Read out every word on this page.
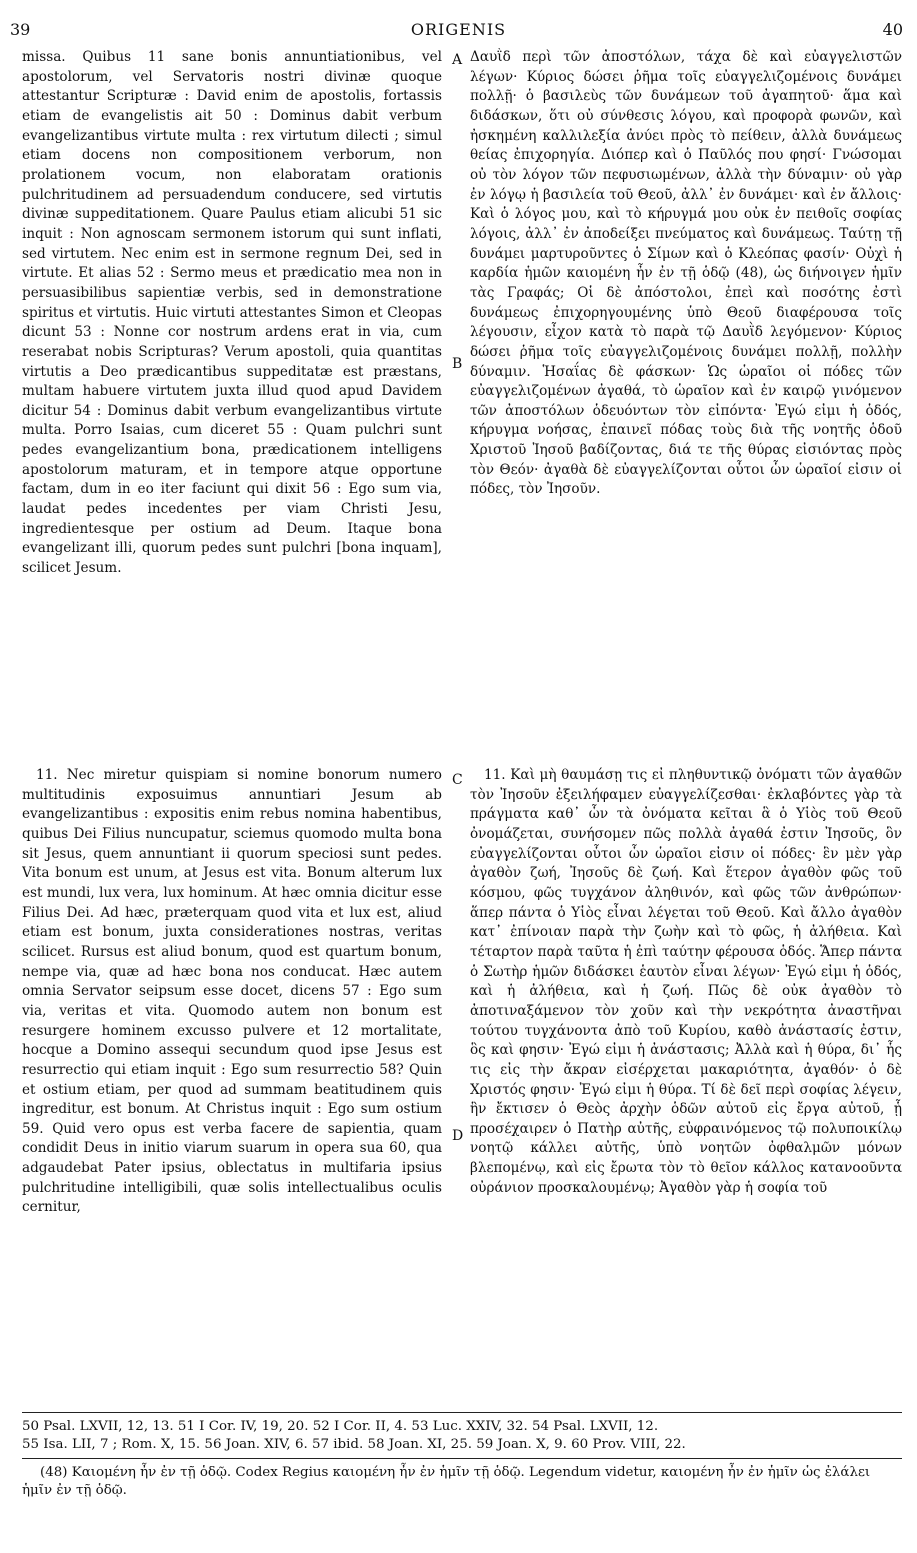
39	ORIGENIS	40

missa. Quibus 11 sane bonis annuntiationibus, vel apostolorum, vel Servatoris nostri divinæ quoque attestantur Scripturæ : David enim de apostolis, fortassis etiam de evangelistis ait 50 : Dominus dabit verbum evangelizantibus virtute multa : rex virtutum dilecti ; simul etiam docens non compositionem verborum, non prolationem vocum, non elaboratam orationis pulchritudinem ad persuadendum conducere, sed virtutis divinæ suppeditationem. Quare Paulus etiam alicubi 51 sic inquit : Non agnoscam sermonem istorum qui sunt inflati, sed virtutem. Nec enim est in sermone regnum Dei, sed in virtute. Et alias 52 : Sermo meus et prædicatio mea non in persuasibilibus sapientiæ verbis, sed in demonstratione spiritus et virtutis. Huic virtuti attestantes Simon et Cleopas dicunt 53 : Nonne cor nostrum ardens erat in via, cum reserabat nobis Scripturas? Verum apostoli, quia quantitas virtutis a Deo prædicantibus suppeditatæ est præstans, multam habuere virtutem juxta illud quod apud Davidem dicitur 54 : Dominus dabit verbum evangelizantibus virtute multa. Porro Isaias, cum diceret 55 : Quam pulchri sunt pedes evangelizantium bona, prædicationem intelligens apostolorum maturam, et in tempore atque opportune factam, dum in eo iter faciunt qui dixit 56 : Ego sum via, laudat pedes incedentes per viam Christi Jesu, ingredientesque per ostium ad Deum. Itaque bona evangelizant illi, quorum pedes sunt pulchri [bona inquam], scilicet Jesum.

A Δαυῒδ περὶ τῶν ἀποστόλων, τάχα δὲ καὶ εὐαγγελιστῶν λέγων· Κύριος δώσει ῥῆμα τοῖς εὐαγγελιζομένοις δυνάμει πολλῇ· ὁ βασιλεὺς τῶν δυνάμεων τοῦ ἀγαπητοῦ· ἅμα καὶ διδάσκων, ὅτι οὐ σύνθεσις λόγου, καὶ προφορὰ φωνῶν, καὶ ἠσκημένη καλλιλεξία ἀνύει πρὸς τὸ πείθειν, ἀλλὰ δυνάμεως θείας ἐπιχορηγία. Διόπερ καὶ ὁ Παῦλός που φησί· Γνώσομαι οὐ τὸν λόγον τῶν πεφυσιωμένων, ἀλλὰ τὴν δύναμιν· οὐ γὰρ ἐν λόγῳ ἡ βασιλεία τοῦ Θεοῦ, ἀλλ᾽ ἐν δυνάμει· καὶ ἐν ἄλλοις· Καὶ ὁ λόγος μου, καὶ τὸ κήρυγμά μου οὐκ ἐν πειθοῖς σοφίας λόγοις, ἀλλ᾽ ἐν ἀποδείξει πνεύματος καὶ δυνάμεως. Ταύτῃ τῇ δυνάμει μαρτυροῦντες ὁ Σίμων καὶ ὁ Κλεόπας φασίν· Οὐχὶ ἡ καρδία ἡμῶν καιομένη ἦν ἐν τῇ ὁδῷ (48), ὡς διήνοιγεν ἡμῖν τὰς Γραφάς; Οἱ δὲ ἀπόστολοι, ἐπεὶ καὶ ποσότης ἐστὶ δυνάμεως ἐπιχορηγουμένης ὑπὸ Θεοῦ διαφέρουσα τοῖς λέγουσιν, εἶχον κατὰ τὸ παρὰ τῷ Δαυῒδ λεγόμενον· Κύριος δώσει ῥῆμα τοῖς εὐαγγελιζομένοις δυνάμει πολλῇ, πολλὴν δύναμιν. Ἡσαΐας δὲ φάσκων· Ὡς ὡραῖοι οἱ πόδες τῶν εὐαγγελιζομένων ἀγαθά, τὸ ὡραῖον καὶ ἐν καιρῷ γινόμενον τῶν ἀποστόλων ὁδευόντων τὸν εἰπόντα· Ἐγώ εἰμι ἡ ὁδός, κήρυγμα νοήσας, ἐπαινεῖ πόδας τοὺς διὰ τῆς νοητῆς ὁδοῦ Χριστοῦ Ἰησοῦ βαδίζοντας, διά τε τῆς θύρας εἰσιόντας πρὸς τὸν Θεόν· ἀγαθὰ δὲ εὐαγγελίζονται οὗτοι ὧν ὡραῖοί εἰσιν οἱ πόδες, τὸν Ἰησοῦν.

B
C

11. Nec miretur quispiam si nomine bonorum numero multitudinis exposuimus annuntiari Jesum ab evangelizantibus : expositis enim rebus nomina habentibus, quibus Dei Filius nuncupatur, sciemus quomodo multa bona sit Jesus, quem annuntiant ii quorum speciosi sunt pedes. Vita bonum est unum, at Jesus est vita. Bonum alterum lux est mundi, lux vera, lux hominum. At hæc omnia dicitur esse Filius Dei. Ad hæc, præterquam quod vita et lux est, aliud etiam est bonum, juxta considerationes nostras, veritas scilicet. Rursus est aliud bonum, quod est quartum bonum, nempe via, quæ ad hæc bona nos conducat. Hæc autem omnia Servator seipsum esse docet, dicens 57 : Ego sum via, veritas et vita. Quomodo autem non bonum est resurgere hominem excusso pulvere et 12 mortalitate, hocque a Domino assequi secundum quod ipse Jesus est resurrectio qui etiam inquit : Ego sum resurrectio 58? Quin et ostium etiam, per quod ad summam beatitudinem quis ingreditur, est bonum. At Christus inquit : Ego sum ostium 59. Quid vero opus est verba facere de sapientia, quam condidit Deus in initio viarum suarum in opera sua 60, qua adgaudebat Pater ipsius, oblectatus in multifaria ipsius pulchritudine intelligibili, quæ solis intellectualibus oculis cernitur,

D

11. Καὶ μὴ θαυμάσῃ τις εἰ πληθυντικῷ ὀνόματι τῶν ἀγαθῶν τὸν Ἰησοῦν ἐξειλήφαμεν εὐαγγελίζεσθαι· ἐκλαβόντες γὰρ τὰ πράγματα καθ᾽ ὧν τὰ ὀνόματα κεῖται ἃ ὁ Υἱὸς τοῦ Θεοῦ ὀνομάζεται, συνήσομεν πῶς πολλὰ ἀγαθά ἐστιν Ἰησοῦς, ὃν εὐαγγελίζονται οὗτοι ὧν ὡραῖοι εἰσιν οἱ πόδες· ἓν μὲν γὰρ ἀγαθὸν ζωή, Ἰησοῦς δὲ ζωή. Καὶ ἕτερον ἀγαθὸν φῶς τοῦ κόσμου, φῶς τυγχάνον ἀληθινόν, καὶ φῶς τῶν ἀνθρώπων· ἅπερ πάντα ὁ Υἱὸς εἶναι λέγεται τοῦ Θεοῦ. Καὶ ἄλλο ἀγαθὸν κατ᾽ ἐπίνοιαν παρὰ τὴν ζωὴν καὶ τὸ φῶς, ἡ ἀλήθεια. Καὶ τέταρτον παρὰ ταῦτα ἡ ἐπὶ ταύτην φέρουσα ὁδός. Ἅπερ πάντα ὁ Σωτὴρ ἡμῶν διδάσκει ἑαυτὸν εἶναι λέγων· Ἐγώ εἰμι ἡ ὁδός, καὶ ἡ ἀλήθεια, καὶ ἡ ζωή. Πῶς δὲ οὐκ ἀγαθὸν τὸ ἀποτιναξάμενον τὸν χοῦν καὶ τὴν νεκρότητα ἀναστῆναι τούτου τυγχάνοντα ἀπὸ τοῦ Κυρίου, καθὸ ἀνάστασίς ἐστιν, ὃς καὶ φησιν· Ἐγώ εἰμι ἡ ἀνάστασις; Ἀλλὰ καὶ ἡ θύρα, δι᾽ ἧς τις εἰς τὴν ἄκραν εἰσέρχεται μακαριότητα, ἀγαθόν· ὁ δὲ Χριστός φησιν· Ἐγώ εἰμι ἡ θύρα. Τί δὲ δεῖ περὶ σοφίας λέγειν, ἣν ἔκτισεν ὁ Θεὸς ἀρχὴν ὁδῶν αὐτοῦ εἰς ἔργα αὐτοῦ, ᾗ προσέχαιρεν ὁ Πατὴρ αὐτῆς, εὐφραινόμενος τῷ πολυποικίλῳ νοητῷ κάλλει αὐτῆς, ὑπὸ νοητῶν ὀφθαλμῶν μόνων βλεπομένῳ, καὶ εἰς ἔρωτα τὸν τὸ θεῖον κάλλος κατανοοῦντα οὐράνιον προσκαλουμένῳ; Ἀγαθὸν γὰρ ἡ σοφία τοῦ

50 Psal. LXVII, 12, 13. 51 I Cor. IV, 19, 20. 52 I Cor. II, 4. 53 Luc. XXIV, 32. 54 Psal. LXVII, 12.
55 Isa. LII, 7 ; Rom. X, 15. 56 Joan. XIV, 6. 57 ibid. 58 Joan. XI, 25. 59 Joan. X, 9. 60 Prov. VIII, 22.
(48) Καιομένη ἦν ἐν τῇ ὁδῷ. Codex Regius καιομένη ἦν ἐν ἡμῖν τῇ ὁδῷ. Legendum videtur, καιομένη ἦν ἐν ἡμῖν ὡς ἐλάλει ἡμῖν ἐν τῇ ὁδῷ.
